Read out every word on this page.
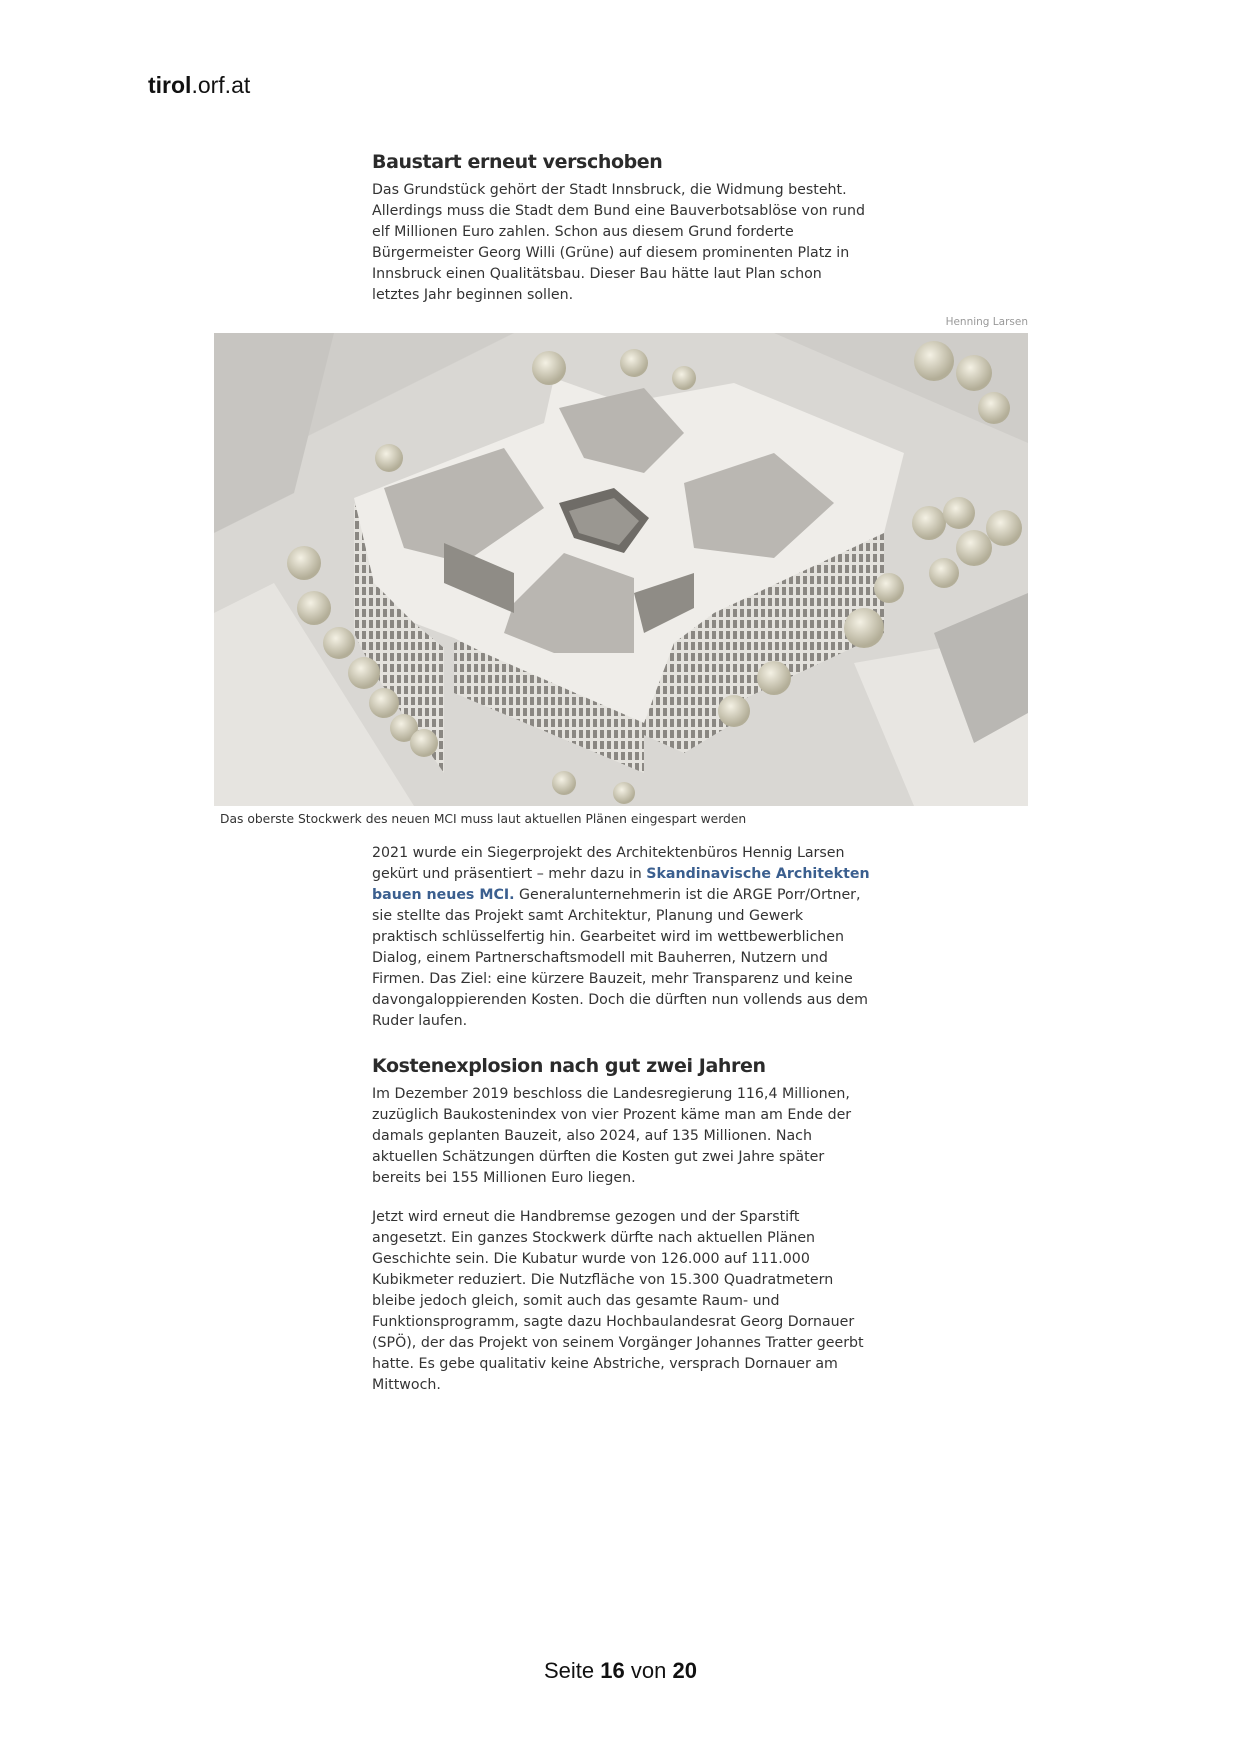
tirol.orf.at
Baustart erneut verschoben

Das Grundstück gehört der Stadt Innsbruck, die Widmung besteht. Allerdings muss die Stadt dem Bund eine Bauverbotsablöse von rund elf Millionen Euro zahlen. Schon aus diesem Grund forderte Bürgermeister Georg Willi (Grüne) auf diesem prominenten Platz in Innsbruck einen Qualitätsbau. Dieser Bau hätte laut Plan schon letztes Jahr beginnen sollen.

Henning Larsen
Das oberste Stockwerk des neuen MCI muss laut aktuellen Plänen eingespart werden

2021 wurde ein Siegerprojekt des Architektenbüros Hennig Larsen gekürt und präsentiert – mehr dazu in Skandinavische Architekten bauen neues MCI. Generalunternehmerin ist die ARGE Porr/Ortner, sie stellte das Projekt samt Architektur, Planung und Gewerk praktisch schlüsselfertig hin. Gearbeitet wird im wettbewerblichen Dialog, einem Partnerschaftsmodell mit Bauherren, Nutzern und Firmen. Das Ziel: eine kürzere Bauzeit, mehr Transparenz und keine davongaloppierenden Kosten. Doch die dürften nun vollends aus dem Ruder laufen.

Kostenexplosion nach gut zwei Jahren

Im Dezember 2019 beschloss die Landesregierung 116,4 Millionen, zuzüglich Baukostenindex von vier Prozent käme man am Ende der damals geplanten Bauzeit, also 2024, auf 135 Millionen. Nach aktuellen Schätzungen dürften die Kosten gut zwei Jahre später bereits bei 155 Millionen Euro liegen.

Jetzt wird erneut die Handbremse gezogen und der Sparstift angesetzt. Ein ganzes Stockwerk dürfte nach aktuellen Plänen Geschichte sein. Die Kubatur wurde von 126.000 auf 111.000 Kubikmeter reduziert. Die Nutzfläche von 15.300 Quadratmetern bleibe jedoch gleich, somit auch das gesamte Raum- und Funktionsprogramm, sagte dazu Hochbaulandesrat Georg Dornauer (SPÖ), der das Projekt von seinem Vorgänger Johannes Tratter geerbt hatte. Es gebe qualitativ keine Abstriche, versprach Dornauer am Mittwoch.

Seite 16 von 20
